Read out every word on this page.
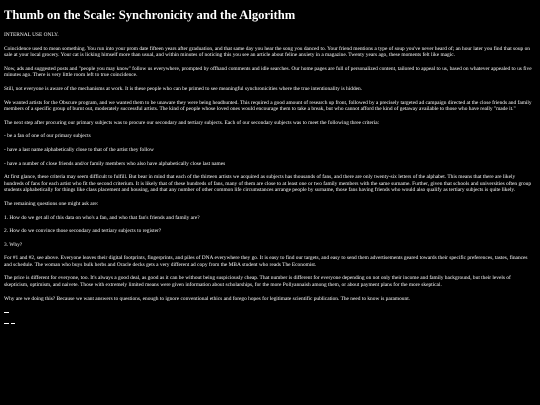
Thumb on the Scale: Synchronicity and the Algorithm

INTERNAL USE ONLY.

Coincidence used to mean something. You run into your prom date fifteen years after graduation, and that same day you hear the song you danced to. Your friend mentions a type of soup you've never heard of; an hour later you find that soup on sale at your local grocery. Your cat is licking himself more than usual, and within minutes of noticing this you see an article about feline anxiety in a magazine. Twenty years ago, these moments felt like magic.

Now, ads and suggested posts and "people you may know" follow us everywhere, prompted by offhand comments and idle searches. Our home pages are full of personalized content, tailored to appeal to us, based on whatever appealed to us five minutes ago. There is very little room left to true coincidence.

Still, not everyone is aware of the mechanisms at work. It is these people who can be primed to see meaningful synchronicities where the true intentionality is hidden.

We wanted artists for the Obscure program, and we wanted them to be unaware they were being headhunted. This required a good amount of research up front, followed by a precisely targeted ad campaign directed at the close friends and family members of a specific group of burnt out, moderately successful artists. The kind of people whose loved ones would encourage them to take a break, but who cannot afford the kind of getaway available to those who have really "made it."

The next step after procuring our primary subjects was to procure our secondary and tertiary subjects. Each of our secondary subjects was to meet the following three criteria:

- be a fan of one of our primary subjects

- have a last name alphabetically close to that of the artist they follow

- have a number of close friends and/or family members who also have alphabetically close last names

At first glance, these criteria may seem difficult to fulfill. But bear in mind that each of the thirteen artists we acquired as subjects has thousands of fans, and there are only twenty-six letters of the alphabet. This means that there are likely hundreds of fans for each artist who fit the second criterium. It is likely that of these hundreds of fans, many of them are close to at least one or two family members with the same surname. Further, given that schools and universities often group students alphabetically for things like class placement and housing, and that any number of other common life circumstances arrange people by surname, those fans having friends who would also qualify as tertiary subjects is quite likely.

The remaining questions one might ask are:

1. How do we get all of this data on who's a fan, and who that fan's friends and family are?

2. How do we convince those secondary and tertiary subjects to register?

3. Why?

For #1 and #2, see above. Everyone leaves their digital footprints, fingerprints, and piles of DNA everywhere they go. It is easy to find our targets, and easy to send them advertisements geared towards their specific preferences, tastes, finances and schedule. The woman who buys bulk herbs and Oracle decks gets a very different ad copy from the MBA student who reads The Economist.

The price is different for everyone, too. It's always a good deal, as good as it can be without being suspiciously cheap. That number is different for everyone depending on not only their income and family background, but their levels of skepticism, optimism, and naivete. Those with extremely limited means were given information about scholarships, for the more Pollyannaish among them, or about payment plans for the more skeptical.

Why are we doing this? Because we want answers to questions, enough to ignore conventional ethics and forego hopes for legitimate scientific publication. The need to know is paramount.
